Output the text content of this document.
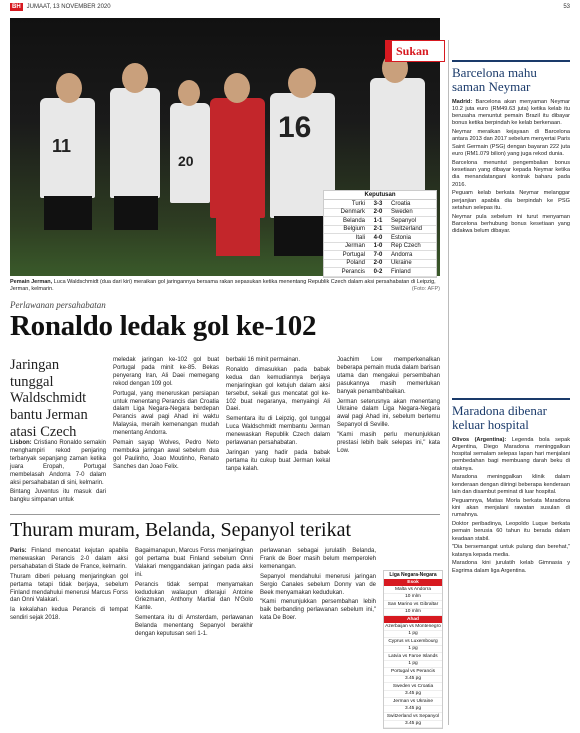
BH	JUMAAT, 13 NOVEMBER 2020	53
11
20
16
Sukan
Keputusan
Turki	3-3	Croatia
Denmark	2-0	Sweden
Belanda	1-1	Sepanyol
Belgium	2-1	Switzerland
Itali	4-0	Estonia
Jerman	1-0	Rep Czech
Portugal	7-0	Andorra
Poland	2-0	Ukraine
Perancis	0-2	Finland
Pemain Jerman, Luca Waldschmidt (dua dari kiri) meraikan gol jaringannya bersama rakan sepasukan ketika menentang Republik Czech dalam aksi persahabatan di Leipzig, Jerman, kelmarin.	(Foto: AFP)
Perlawanan persahabatan
Ronaldo ledak gol ke-102
Jaringan tunggal Waldschmidt bantu Jerman atasi Czech

Lisbon: Cristiano Ronaldo semakin menghampiri rekod penjaring terbanyak sepanjang zaman ketika juara Eropah, Portugal membelasah Andorra 7-0 dalam aksi persahabatan di sini, kelmarin.

Bintang Juventus itu masuk dari bangku simpanan untuk

meledak jaringan ke-102 gol buat Portugal pada minit ke-85. Bekas penyerang Iran, Ali Daei memegang rekod dengan 109 gol.

Portugal, yang meneruskan persiapan untuk menentang Perancis dan Croatia dalam Liga Negara-Negara berdepan Perancis awal pagi Ahad ini waktu Malaysia, meraih kemenangan mudah menentang Andorra.

Pemain sayap Wolves, Pedro Neto membuka jaringan awal sebelum dua gol Paulinho, Joao Moutinho, Renato Sanches dan Joao Felix.

berbaki 16 minit permainan.

Ronaldo dimasukkan pada babak kedua dan kemudiannya berjaya menjaringkan gol ketujuh dalam aksi tersebut, sekali gus mencatat gol ke-102 buat negaranya, menyaingi Ali Daei.

Sementara itu di Leipzig, gol tunggal Luca Waldschmidt membantu Jerman menewaskan Republik Czech dalam perlawanan persahabatan.

Jaringan yang hadir pada babak pertama itu cukup buat Jerman kekal tanpa kalah.

Joachim Low memperkenalkan beberapa pemain muda dalam barisan utama dan mengakui persembahan pasukannya masih memerlukan banyak penambahbaikan.

Jerman seterusnya akan menentang Ukraine dalam Liga Negara-Negara awal pagi Ahad ini, sebelum bertemu Sepanyol di Seville.

"Kami masih perlu menunjukkan prestasi lebih baik selepas ini," kata Low.

Thuram muram, Belanda, Sepanyol terikat

Paris: Finland mencatat kejutan apabila menewaskan Perancis 2-0 dalam aksi persahabatan di Stade de France, kelmarin.

Thuram diberi peluang menjaringkan gol pertama tetapi tidak berjaya, sebelum Finland mendahului menerusi Marcus Forss dan Onni Valakari.

Ia kekalahan kedua Perancis di tempat sendiri sejak 2018.

Bagaimanapun, Marcus Forss menjaringkan gol pertama buat Finland sebelum Onni Valakari menggandakan jaringan pada aksi ini.

Perancis tidak sempat menyamakan kedudukan walaupun diterajui Antoine Griezmann, Anthony Martial dan N'Golo Kante.

Sementara itu di Amsterdam, perlawanan Belanda menentang Sepanyol berakhir dengan keputusan seri 1-1.

perlawanan sebagai jurulatih Belanda, Frank de Boer masih belum memperoleh kemenangan.

Sepanyol mendahului menerusi jaringan Sergio Canales sebelum Donny van de Beek menyamakan kedudukan.

"Kami menunjukkan persembahan lebih baik berbanding perlawanan sebelum ini," kata De Boer.

Liga Negara-Negara
Esok
Malta vs Andorra
10 mlm
San Marino vs Gibraltar
10 mlm
Ahad
Azerbaijan vs Montenegro
1 pg
Cyprus vs Luxembourg
1 pg
Latvia vs Faroe Islands
1 pg
Portugal vs Perancis
3.45 pg
Sweden vs Croatia
3.45 pg
Jerman vs Ukraine
3.45 pg
Switzerland vs Sepanyol
3.45 pg
Barcelona mahu saman Neymar

Madrid: Barcelona akan menyaman Neymar 10.2 juta euro (RM49.63 juta) ketika kelab itu berusaha menuntut pemain Brazil itu dibayar bonus ketika berpindah ke kelab berkenaan.

Neymar meraikan kejayaan di Barcelona antara 2013 dan 2017 sebelum menyertai Paris Saint Germain (PSG) dengan bayaran 222 juta euro (RM1.079 bilion) yang juga rekod dunia.

Barcelona menuntut pengembalian bonus kesetiaan yang dibayar kepada Neymar ketika dia menandatangani kontrak baharu pada 2016.

Peguam kelab berkata Neymar melanggar perjanjian apabila dia berpindah ke PSG setahun selepas itu.

Neymar pula sebelum ini turut menyaman Barcelona berhubung bonus kesetiaan yang didakwa belum dibayar.

Maradona dibenar keluar hospital

Olivos (Argentina): Legenda bola sepak Argentina, Diego Maradona meninggalkan hospital semalam selepas lapan hari menjalani pembedahan bagi membuang darah beku di otaknya.

Maradona meninggalkan klinik dalam kenderaan dengan diiringi beberapa kenderaan lain dan disambut peminat di luar hospital.

Peguamnya, Matias Morla berkata Maradona kini akan menjalani rawatan susulan di rumahnya.

Doktor peribadinya, Leopoldo Luque berkata pemain berusia 60 tahun itu berada dalam keadaan stabil.

"Dia bersemangat untuk pulang dan berehat," katanya kepada media.

Maradona kini jurulatih kelab Gimnasia y Esgrima dalam liga Argentina.
